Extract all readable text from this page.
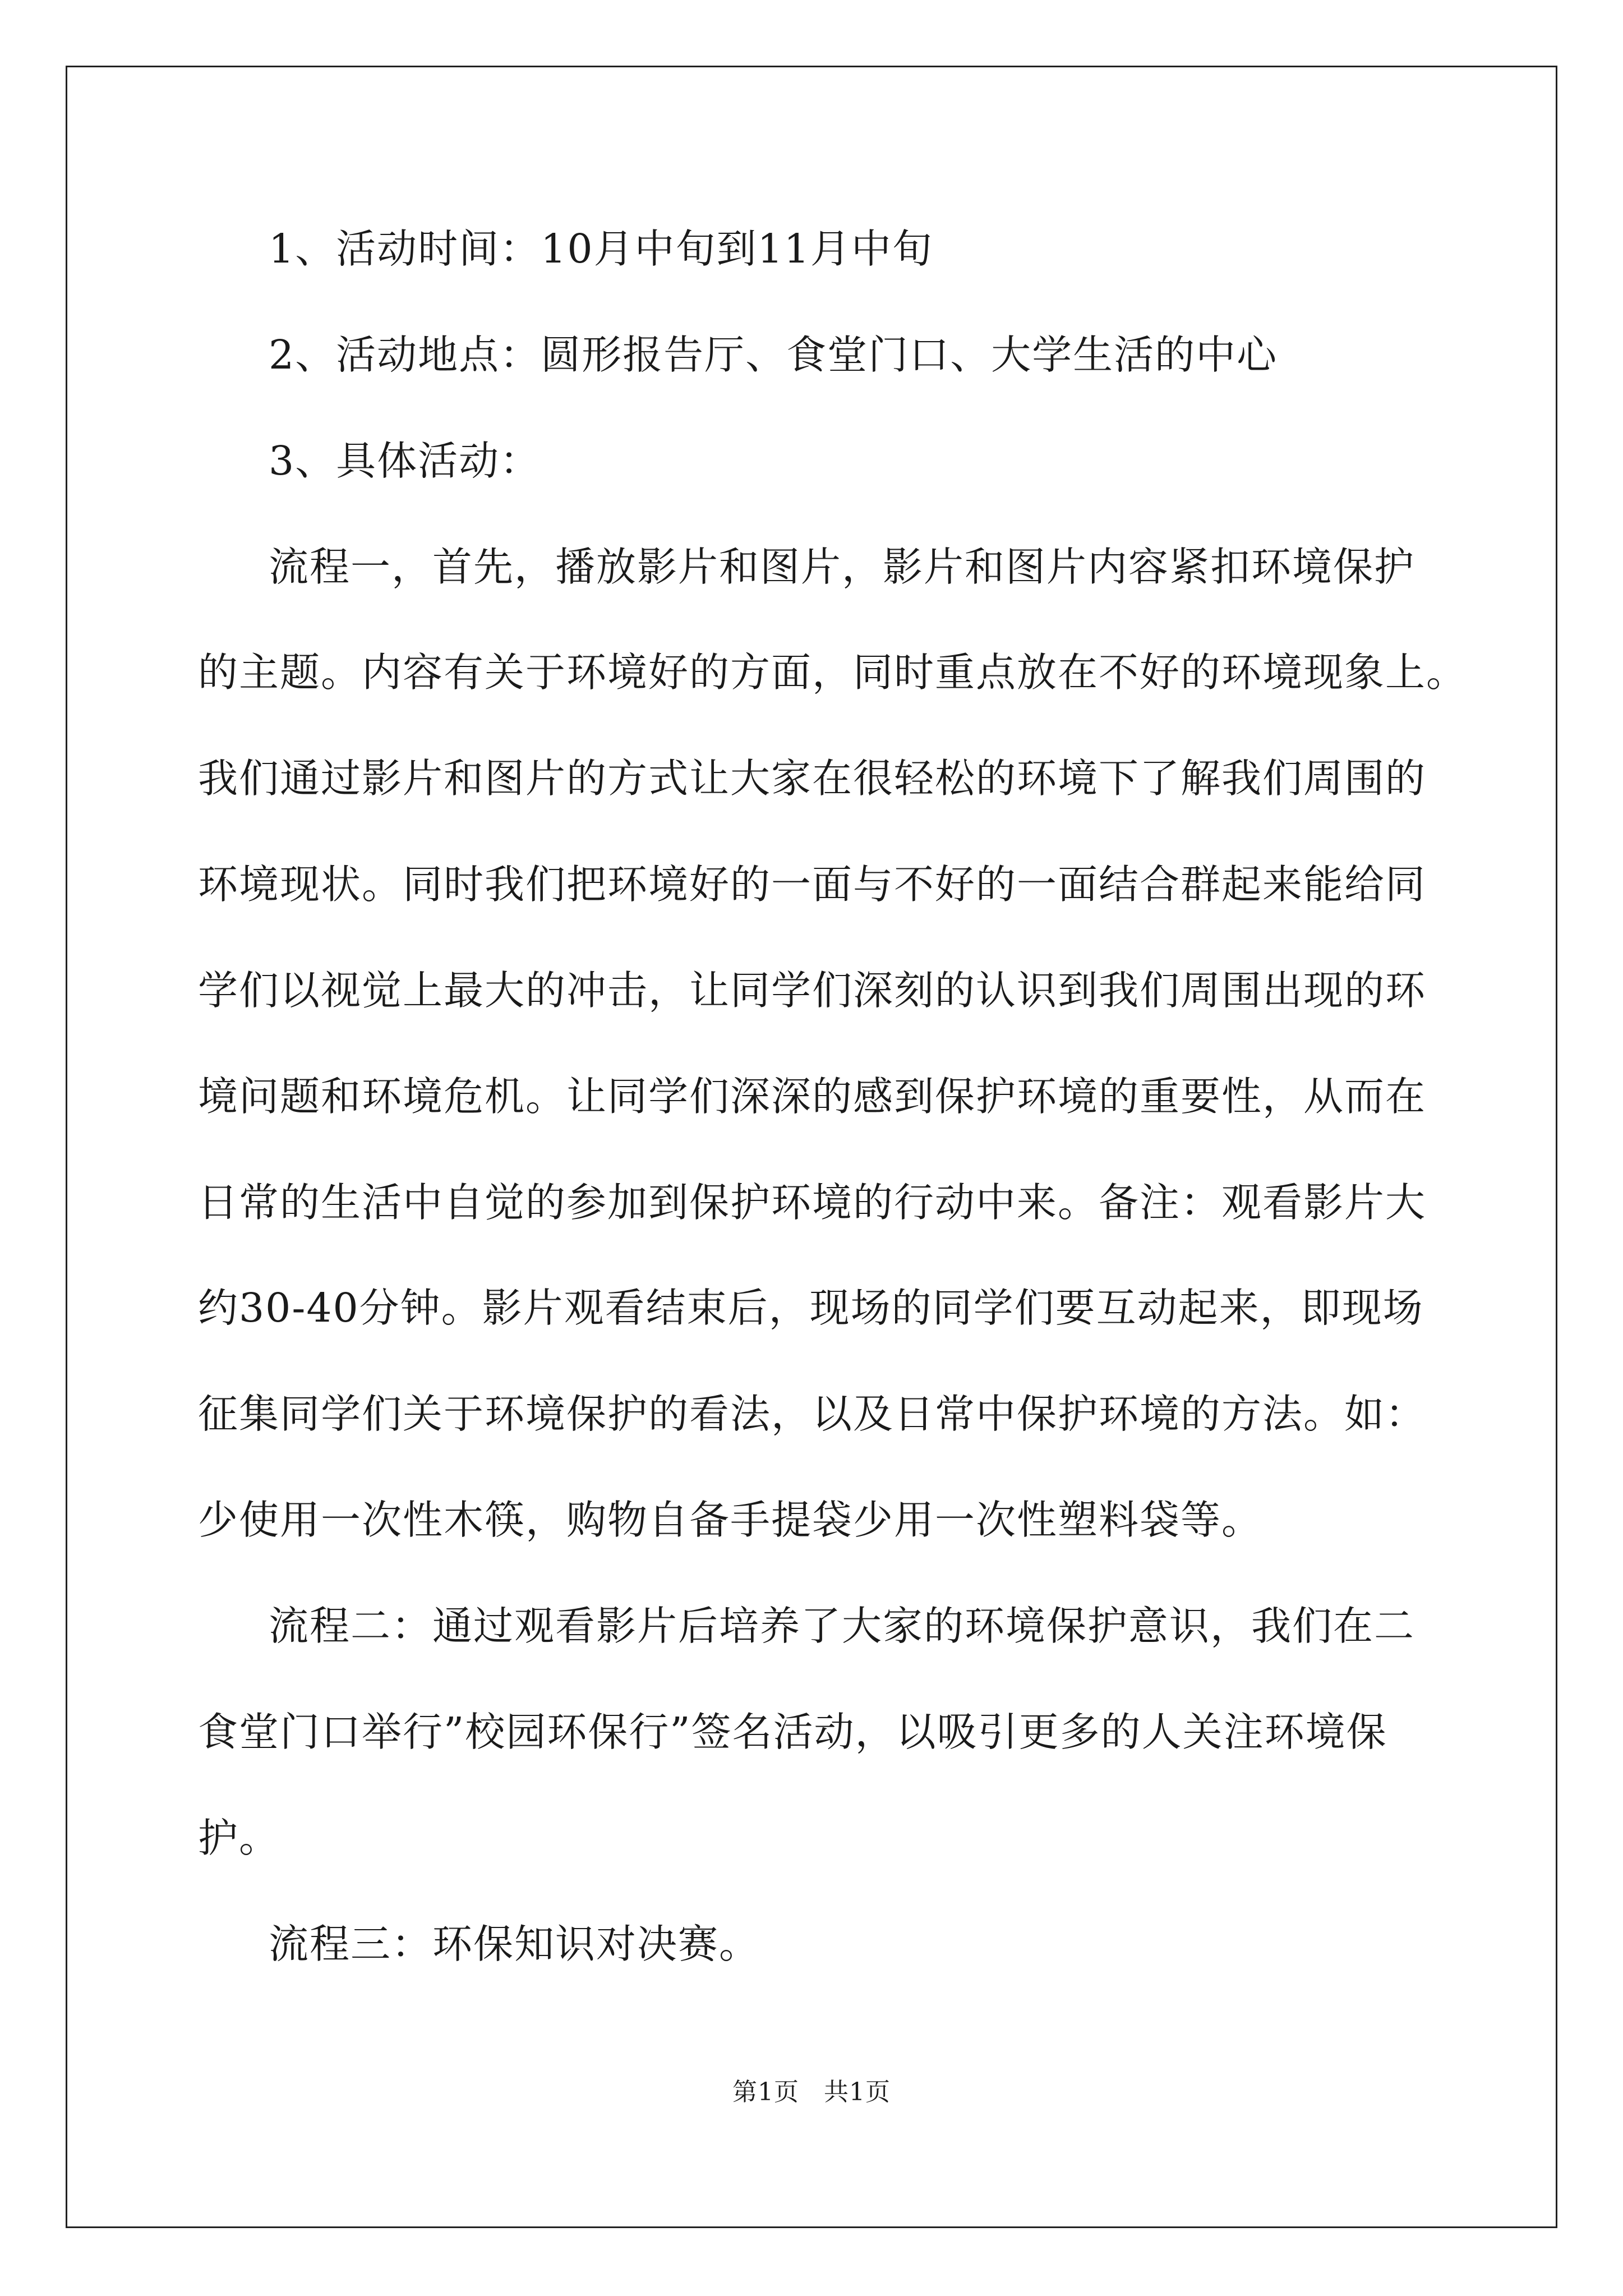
1、活动时间：10月中旬到11月中旬
2、活动地点：圆形报告厅、食堂门口、大学生活的中心
3、具体活动：
流程一，首先，播放影片和图片，影片和图片内容紧扣环境保护
的主题。内容有关于环境好的方面，同时重点放在不好的环境现象上。
我们通过影片和图片的方式让大家在很轻松的环境下了解我们周围的
环境现状。同时我们把环境好的一面与不好的一面结合群起来能给同
学们以视觉上最大的冲击，让同学们深刻的认识到我们周围出现的环
境问题和环境危机。让同学们深深的感到保护环境的重要性，从而在
日常的生活中自觉的参加到保护环境的行动中来。备注：观看影片大
约30-40分钟。影片观看结束后，现场的同学们要互动起来，即现场
征集同学们关于环境保护的看法，以及日常中保护环境的方法。如：
少使用一次性木筷，购物自备手提袋少用一次性塑料袋等。
流程二：通过观看影片后培养了大家的环境保护意识，我们在二
食堂门口举行”校园环保行”签名活动，以吸引更多的人关注环境保
护。
流程三：环保知识对决赛。
第1页 共1页
